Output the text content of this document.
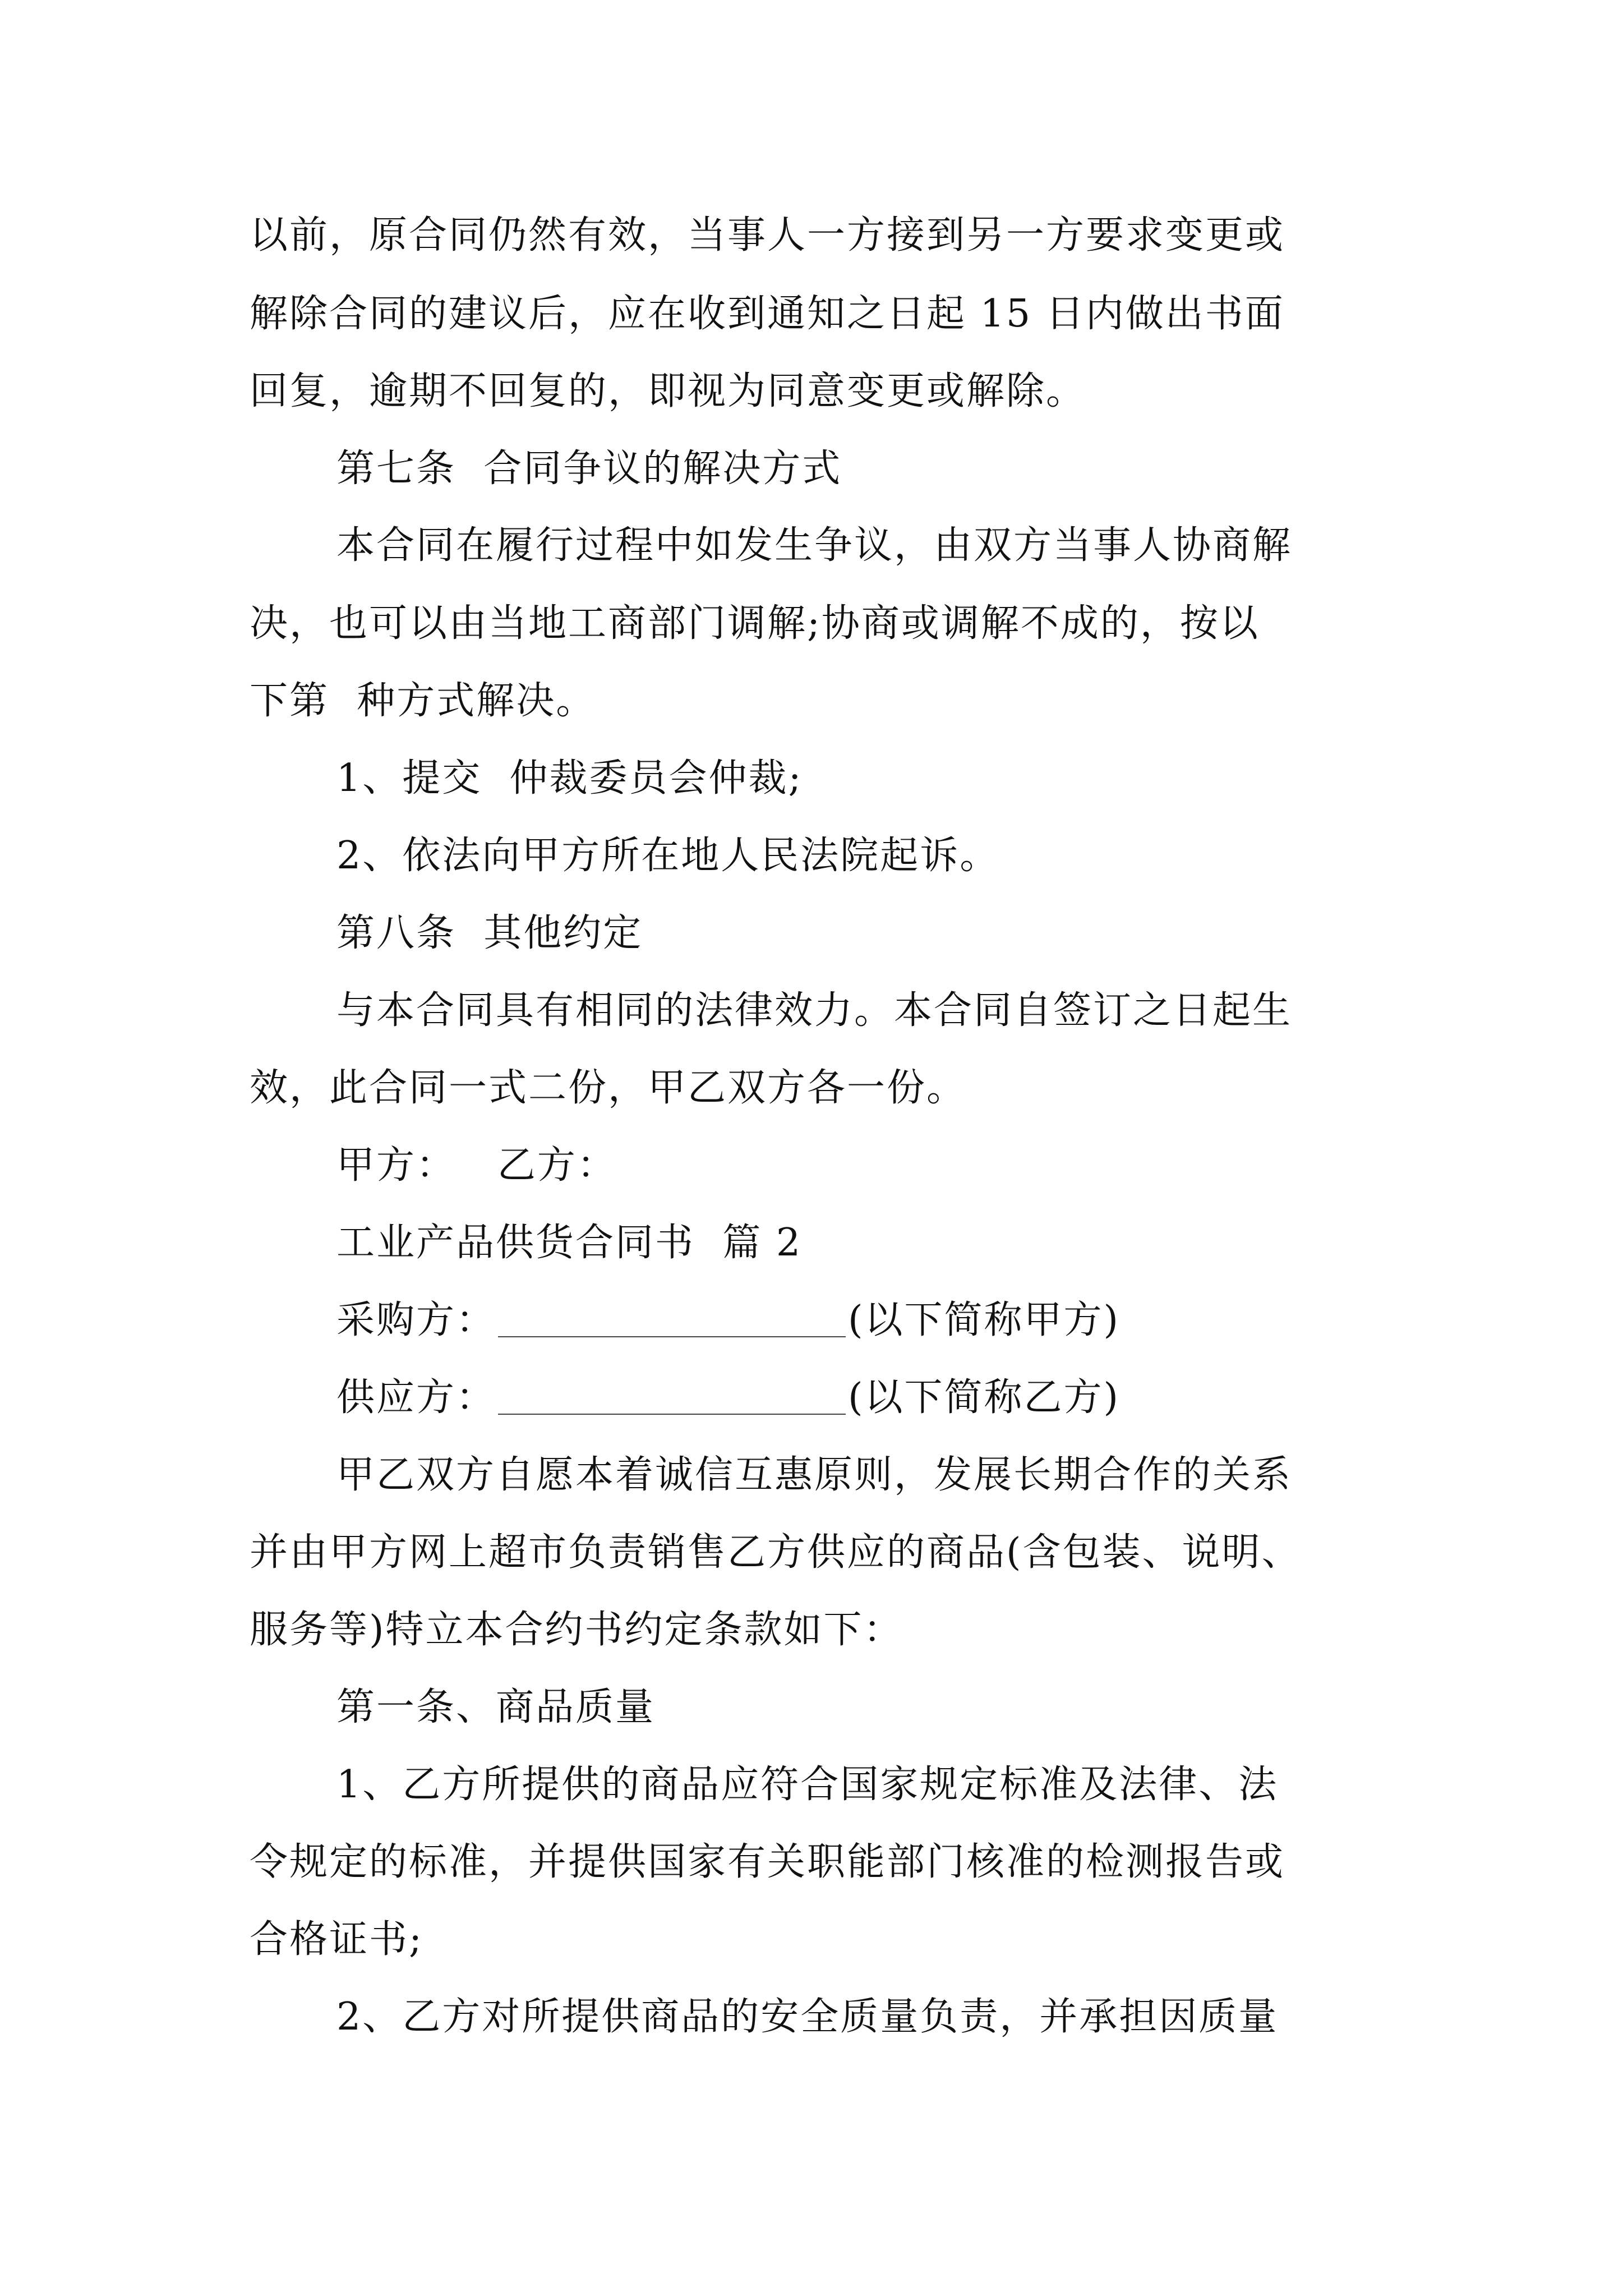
以前，原合同仍然有效，当事人一方接到另一方要求变更或
解除合同的建议后，应在收到通知之日起 15 日内做出书面
回复，逾期不回复的，即视为同意变更或解除。
第七条  合同争议的解决方式
本合同在履行过程中如发生争议，由双方当事人协商解
决，也可以由当地工商部门调解;协商或调解不成的，按以
下第  种方式解决。
1、提交  仲裁委员会仲裁;
2、依法向甲方所在地人民法院起诉。
第八条  其他约定
与本合同具有相同的法律效力。本合同自签订之日起生
效，此合同一式二份，甲乙双方各一份。
甲方：   乙方：
工业产品供货合同书  篇 2
采购方：	(以下简称甲方)
供应方：	(以下简称乙方)
甲乙双方自愿本着诚信互惠原则，发展长期合作的关系
并由甲方网上超市负责销售乙方供应的商品(含包装、说明、
服务等)特立本合约书约定条款如下：
第一条、商品质量
1、乙方所提供的商品应符合国家规定标准及法律、法
令规定的标准，并提供国家有关职能部门核准的检测报告或
合格证书;
2、乙方对所提供商品的安全质量负责，并承担因质量
